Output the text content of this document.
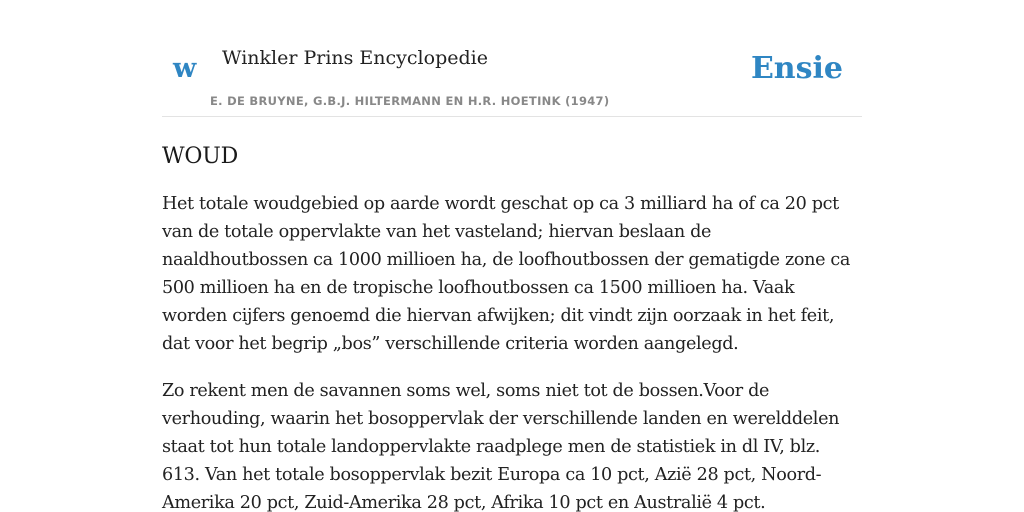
w Winkler Prins Encyclopedie
E. DE BRUYNE, G.B.J. HILTERMANN EN H.R. HOETINK (1947)
Ensie
WOUD

Het totale woudgebied op aarde wordt geschat op ca 3 milliard ha of ca 20 pct van de totale oppervlakte van het vasteland; hiervan beslaan de naaldhoutbossen ca 1000 millioen ha, de loofhoutbossen der gematigde zone ca 500 millioen ha en de tropische loofhoutbossen ca 1500 millioen ha. Vaak worden cijfers genoemd die hiervan afwijken; dit vindt zijn oorzaak in het feit, dat voor het begrip „bos” verschillende criteria worden aangelegd.

Zo rekent men de savannen soms wel, soms niet tot de bossen.Voor de verhouding, waarin het bosoppervlak der verschillende landen en werelddelen staat tot hun totale landoppervlakte raadplege men de statistiek in dl IV, blz. 613. Van het totale bosoppervlak bezit Europa ca 10 pct, Azië 28 pct, Noord-Amerika 20 pct, Zuid-Amerika 28 pct, Afrika 10 pct en Australië 4 pct.
